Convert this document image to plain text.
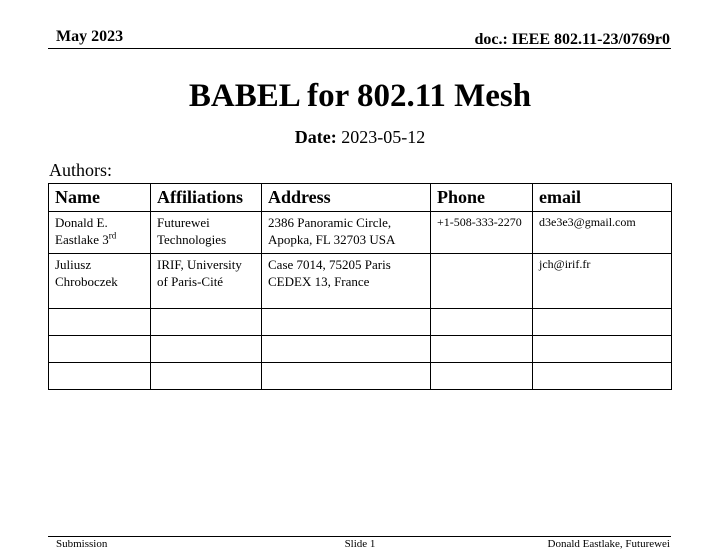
May 2023	doc.: IEEE 802.11-23/0769r0
BABEL for 802.11 Mesh
Date: 2023-05-12
Authors:
Name	Affiliations	Address	Phone	email
Donald E. Eastlake 3rd	Futurewei Technologies	2386 Panoramic Circle, Apopka, FL 32703 USA	+1-508-333-2270	d3e3e3@gmail.com
Juliusz Chroboczek	IRIF, University of Paris-Cité	Case 7014, 75205 Paris CEDEX 13, France		jch@irif.fr

Submission	Slide 1	Donald Eastlake, Futurewei
